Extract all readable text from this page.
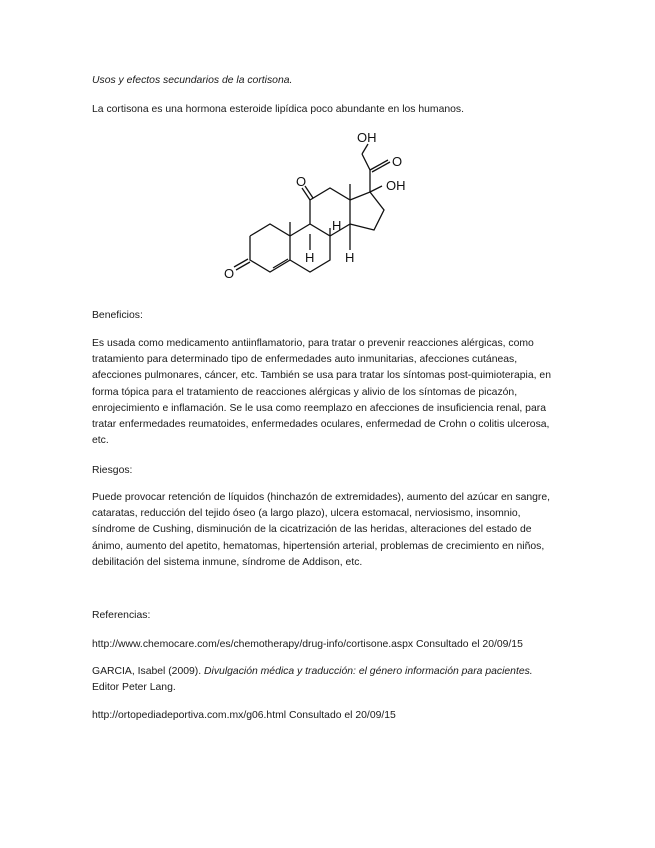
Usos y efectos secundarios de la cortisona.
La cortisona es una hormona esteroide lipídica poco abundante en los humanos.
OH
OH
O
O
O
H
H H
Beneficios:
Es usada como medicamento antiinflamatorio, para tratar o prevenir reacciones alérgicas, como tratamiento para determinado tipo de enfermedades auto inmunitarias, afecciones cutáneas, afecciones pulmonares, cáncer, etc. También se usa para tratar los síntomas post-quimioterapia, en forma tópica para el tratamiento de reacciones alérgicas y alivio de los síntomas de picazón, enrojecimiento e inflamación. Se le usa como reemplazo en afecciones de insuficiencia renal, para tratar enfermedades reumatoides, enfermedades oculares, enfermedad de Crohn o colitis ulcerosa, etc.
Riesgos:
Puede provocar retención de líquidos (hinchazón de extremidades), aumento del azúcar en sangre, cataratas, reducción del tejido óseo (a largo plazo), ulcera estomacal, nerviosismo, insomnio, síndrome de Cushing, disminución de la cicatrización de las heridas, alteraciones del estado de ánimo, aumento del apetito, hematomas, hipertensión arterial, problemas de crecimiento en niños, debilitación del sistema inmune, síndrome de Addison, etc.
Referencias:
http://www.chemocare.com/es/chemotherapy/drug-info/cortisone.aspx Consultado el 20/09/15
GARCIA, Isabel (2009). Divulgación médica y traducción: el género información para pacientes.
Editor Peter Lang.
http://ortopediadeportiva.com.mx/g06.html Consultado el 20/09/15
